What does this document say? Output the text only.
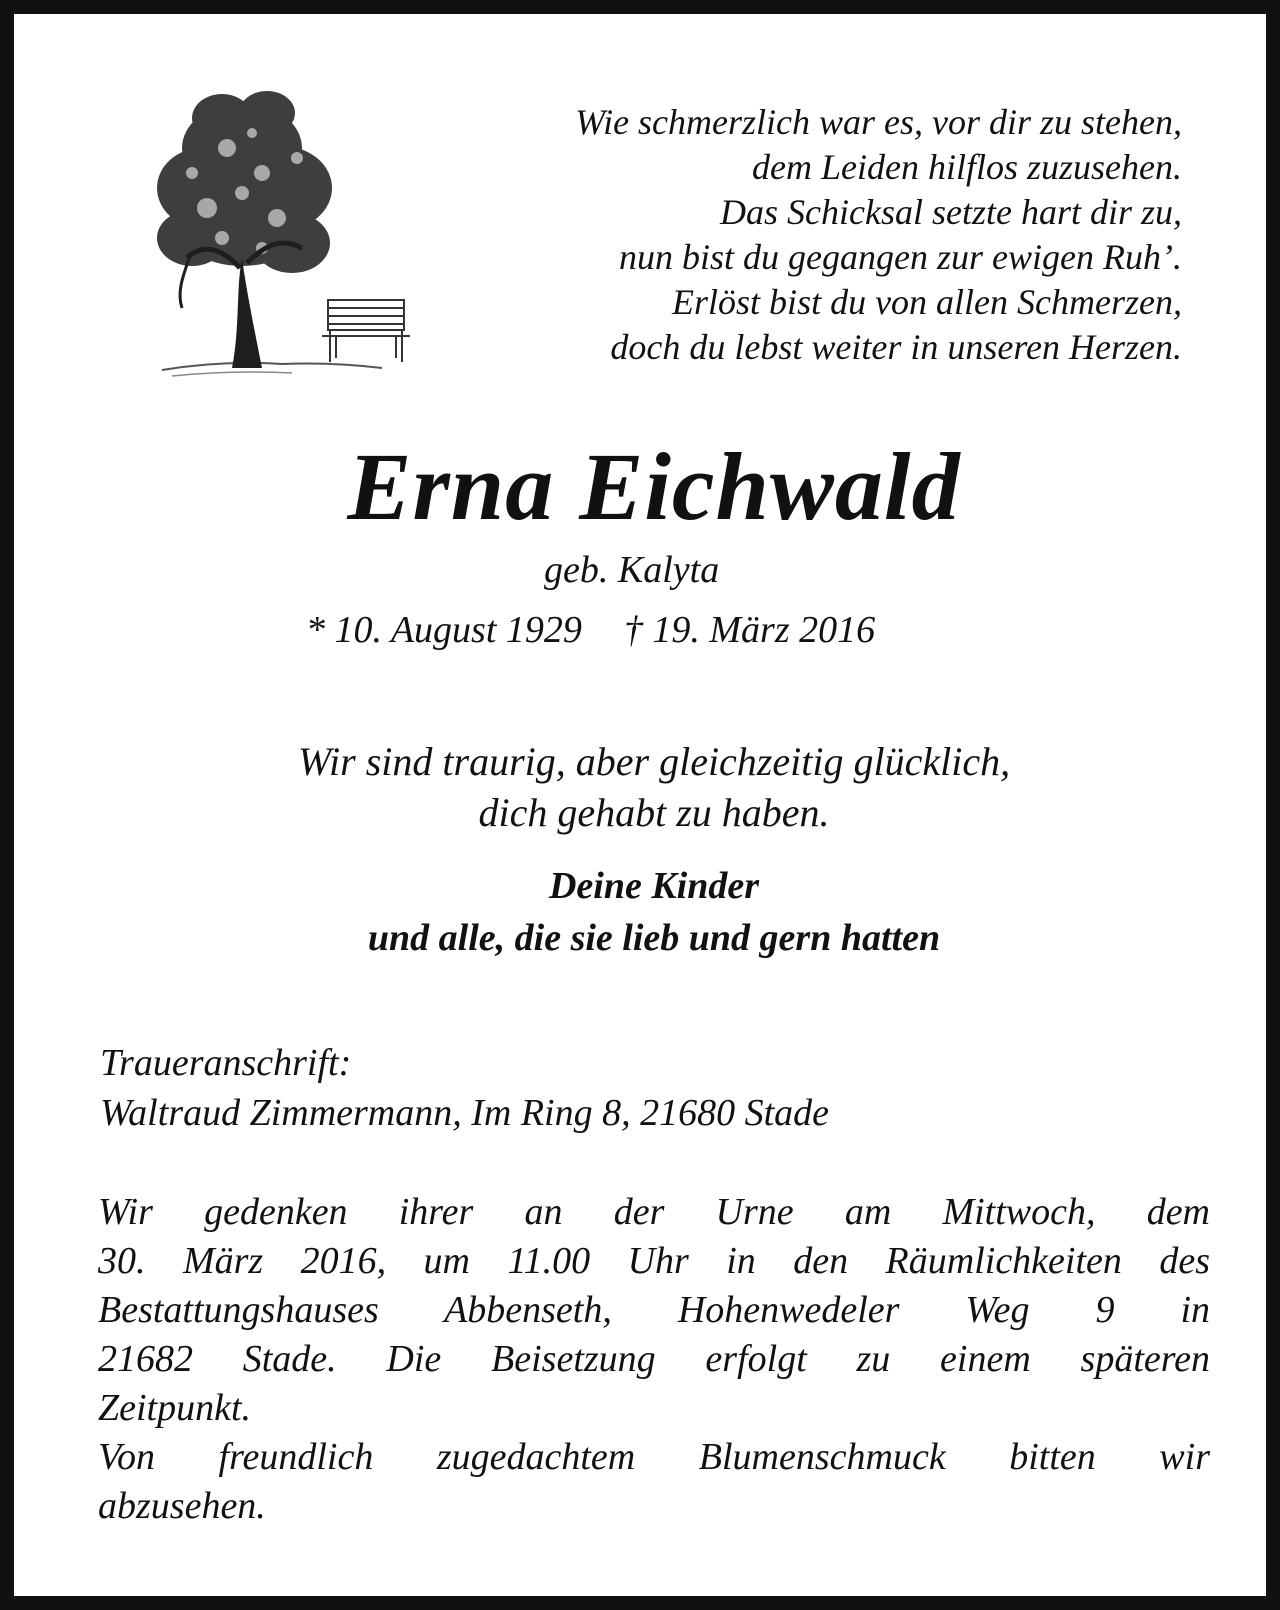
Wie schmerzlich war es, vor dir zu stehen,
dem Leiden hilflos zuzusehen.
Das Schicksal setzte hart dir zu,
nun bist du gegangen zur ewigen Ruh’.
Erlöst bist du von allen Schmerzen,
doch du lebst weiter in unseren Herzen.
Erna Eichwald
geb. Kalyta
* 10. August 1929 † 19. März 2016
Wir sind traurig, aber gleichzeitig glücklich,
dich gehabt zu haben.
Deine Kinder
und alle, die sie lieb und gern hatten
Traueranschrift:
Waltraud Zimmermann, Im Ring 8, 21680 Stade
Wir gedenken ihrer an der Urne am Mittwoch, dem
30. März 2016, um 11.00 Uhr in den Räumlichkeiten des
Bestattungshauses Abbenseth, Hohenwedeler Weg 9 in
21682 Stade. Die Beisetzung erfolgt zu einem späteren
Zeitpunkt.
Von freundlich zugedachtem Blumenschmuck bitten wir
abzusehen.
